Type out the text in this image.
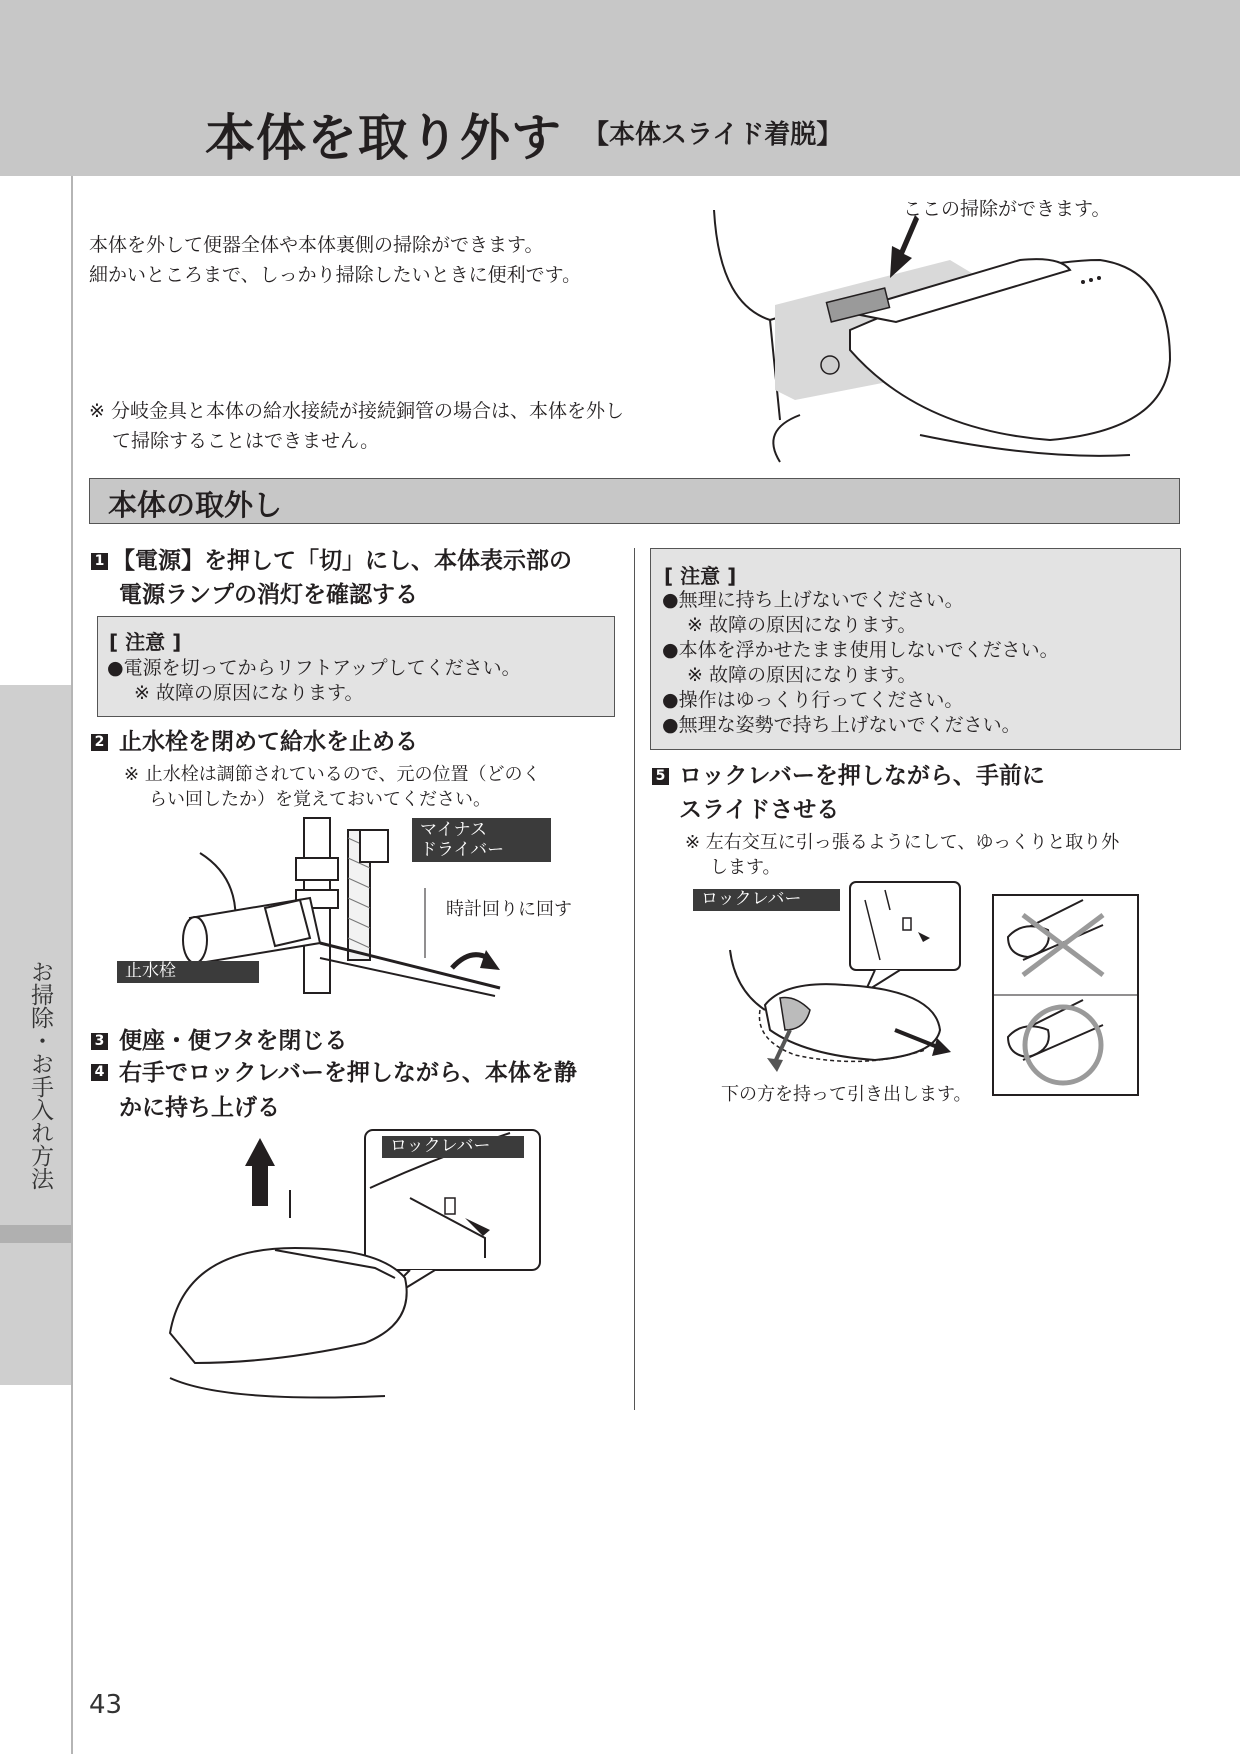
本体を取り外す 【本体スライド着脱】
お掃除・お手入れ方法
本体を外して便器全体や本体裏側の掃除ができます。
細かいところまで、しっかり掃除したいときに便利です。
※ 分岐金具と本体の給水接続が接続銅管の場合は、本体を外し
て掃除することはできません。
ここの掃除ができます。
本体の取外し
1 【電源】を押して「切」にし、本体表示部の
電源ランプの消灯を確認する
[ 注意 ]
●電源を切ってからリフトアップしてください。
※ 故障の原因になります。
2 止水栓を閉めて給水を止める
※ 止水栓は調節されているので、元の位置（どのく
らい回したか）を覚えておいてください。
マイナス
ドライバー
時計回りに回す
止水栓
3 便座・便フタを閉じる
4 右手でロックレバーを押しながら、本体を静
かに持ち上げる
ロックレバー
[ 注意 ]
●無理に持ち上げないでください。
※ 故障の原因になります。
●本体を浮かせたまま使用しないでください。
※ 故障の原因になります。
●操作はゆっくり行ってください。
●無理な姿勢で持ち上げないでください。
5 ロックレバーを押しながら、手前に
スライドさせる
※ 左右交互に引っ張るようにして、ゆっくりと取り外
します。
ロックレバー
下の方を持って引き出します。
43
